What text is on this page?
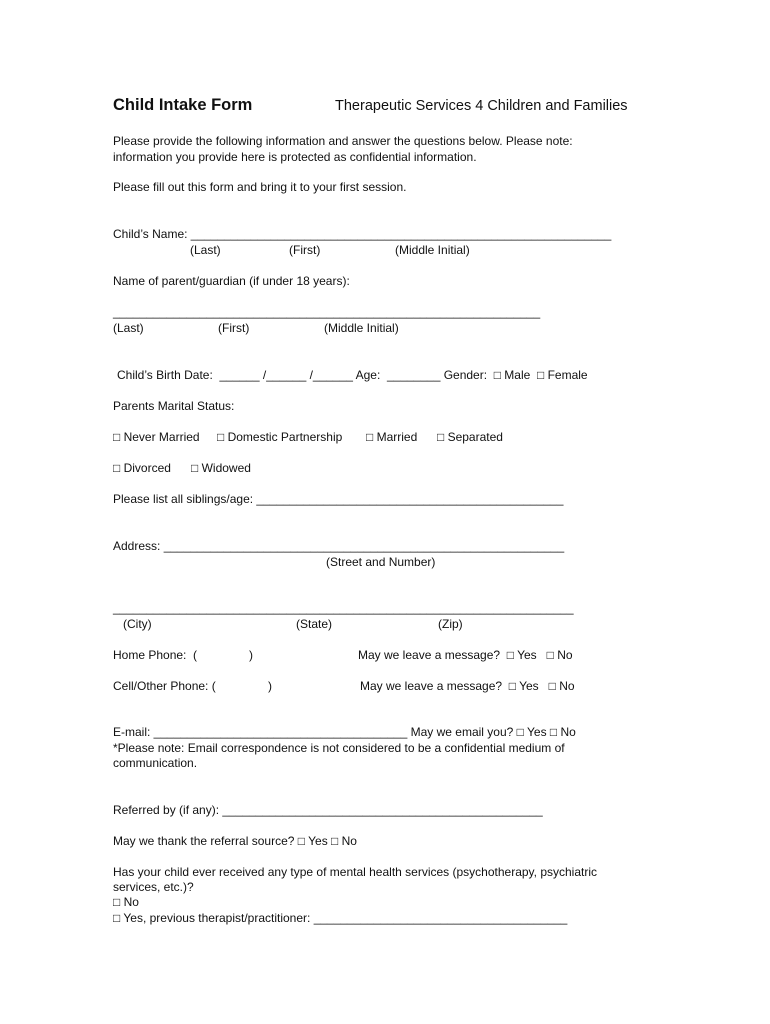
Child Intake Form	Therapeutic Services 4 Children and Families
Please provide the following information and answer the questions below. Please note:
information you provide here is protected as confidential information.
Please fill out this form and bring it to your first session.
Child’s Name: _______________________________________________________________
(Last)	(First)	(Middle Initial)
Name of parent/guardian (if under 18 years):
________________________________________________________________
(Last)	(First)	(Middle Initial)
Child’s Birth Date:  ______ /______ /______ Age:  ________ Gender:  □ Male  □ Female
Parents Marital Status:
□ Never Married □ Domestic Partnership □ Married □ Separated
□ Divorced □ Widowed
Please list all siblings/age: ______________________________________________
Address: ____________________________________________________________
(Street and Number)
_____________________________________________________________________
(City)	(State)	(Zip)
Home Phone:  (	)	May we leave a message?  □ Yes   □ No
Cell/Other Phone: (	)	May we leave a message?  □ Yes   □ No
E-mail: ______________________________________ May we email you? □ Yes □ No
*Please note: Email correspondence is not considered to be a confidential medium of
communication.
Referred by (if any): ________________________________________________
May we thank the referral source? □ Yes □ No
Has your child ever received any type of mental health services (psychotherapy, psychiatric
services, etc.)?
□ No
□ Yes, previous therapist/practitioner: ______________________________________
